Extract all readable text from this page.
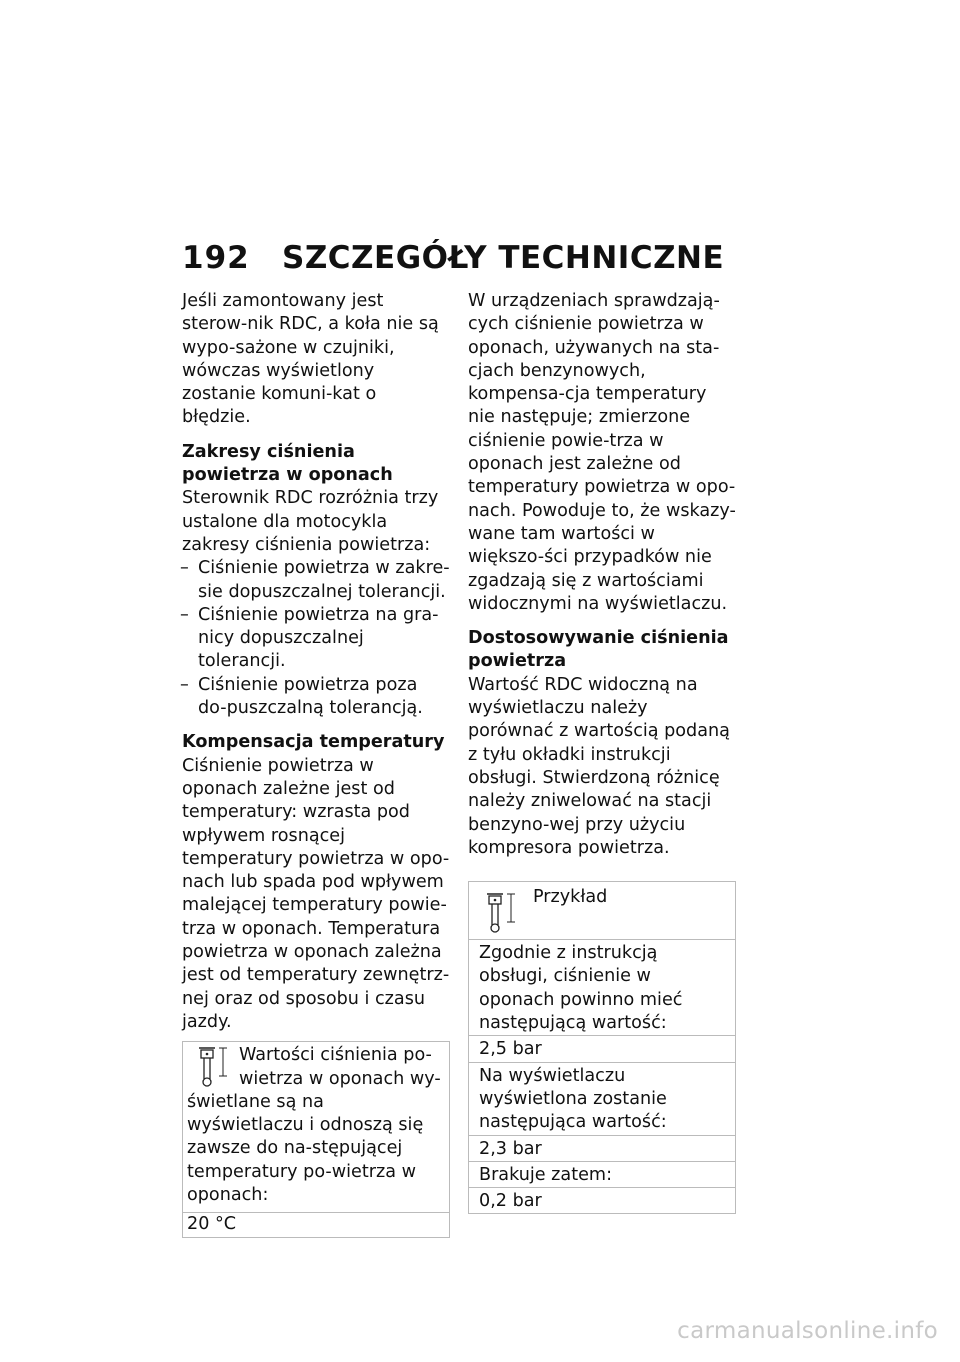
192	SZCZEGÓŁY TECHNICZNE

Jeśli zamontowany jest sterow-nik RDC, a koła nie są wypo-sażone w czujniki, wówczas wyświetlony zostanie komuni-kat o błędzie.

Zakresy ciśnienia powietrza w oponach

Sterownik RDC rozróżnia trzy ustalone dla motocykla zakresy ciśnienia powietrza:

– Ciśnienie powietrza w zakre-sie dopuszczalnej tolerancji.
– Ciśnienie powietrza na gra-nicy dopuszczalnej tolerancji.
– Ciśnienie powietrza poza do-puszczalną tolerancją.

Kompensacja temperatury

Ciśnienie powietrza w oponach zależne jest od temperatury: wzrasta pod wpływem rosnącej temperatury powietrza w opo-nach lub spada pod wpływem malejącej temperatury powie-trza w oponach. Temperatura powietrza w oponach zależna jest od temperatury zewnętrz-nej oraz od sposobu i czasu jazdy.

Wartości ciśnienia po-wietrza w oponach wy-świetlane są na wyświetlaczu i odnoszą się zawsze do na-stępującej temperatury po-wietrza w oponach:
20 °C

W urządzeniach sprawdzają-cych ciśnienie powietrza w oponach, używanych na sta-cjach benzynowych, kompensa-cja temperatury nie następuje; zmierzone ciśnienie powie-trza w oponach jest zależne od temperatury powietrza w opo-nach. Powoduje to, że wskazy-wane tam wartości w większo-ści przypadków nie zgadzają się z wartościami widocznymi na wyświetlaczu.

Dostosowywanie ciśnienia powietrza

Wartość RDC widoczną na wyświetlaczu należy porównać z wartością podaną z tyłu okładki instrukcji obsługi. Stwierdzoną różnicę należy zniwelować na stacji benzyno-wej przy użyciu kompresora powietrza.

Przykład
Zgodnie z instrukcją obsługi, ciśnienie w oponach powinno mieć następującą wartość:
2,5 bar
Na wyświetlaczu wyświetlona zostanie następująca wartość:
2,3 bar
Brakuje zatem:
0,2 bar
carmanualsonline.info
